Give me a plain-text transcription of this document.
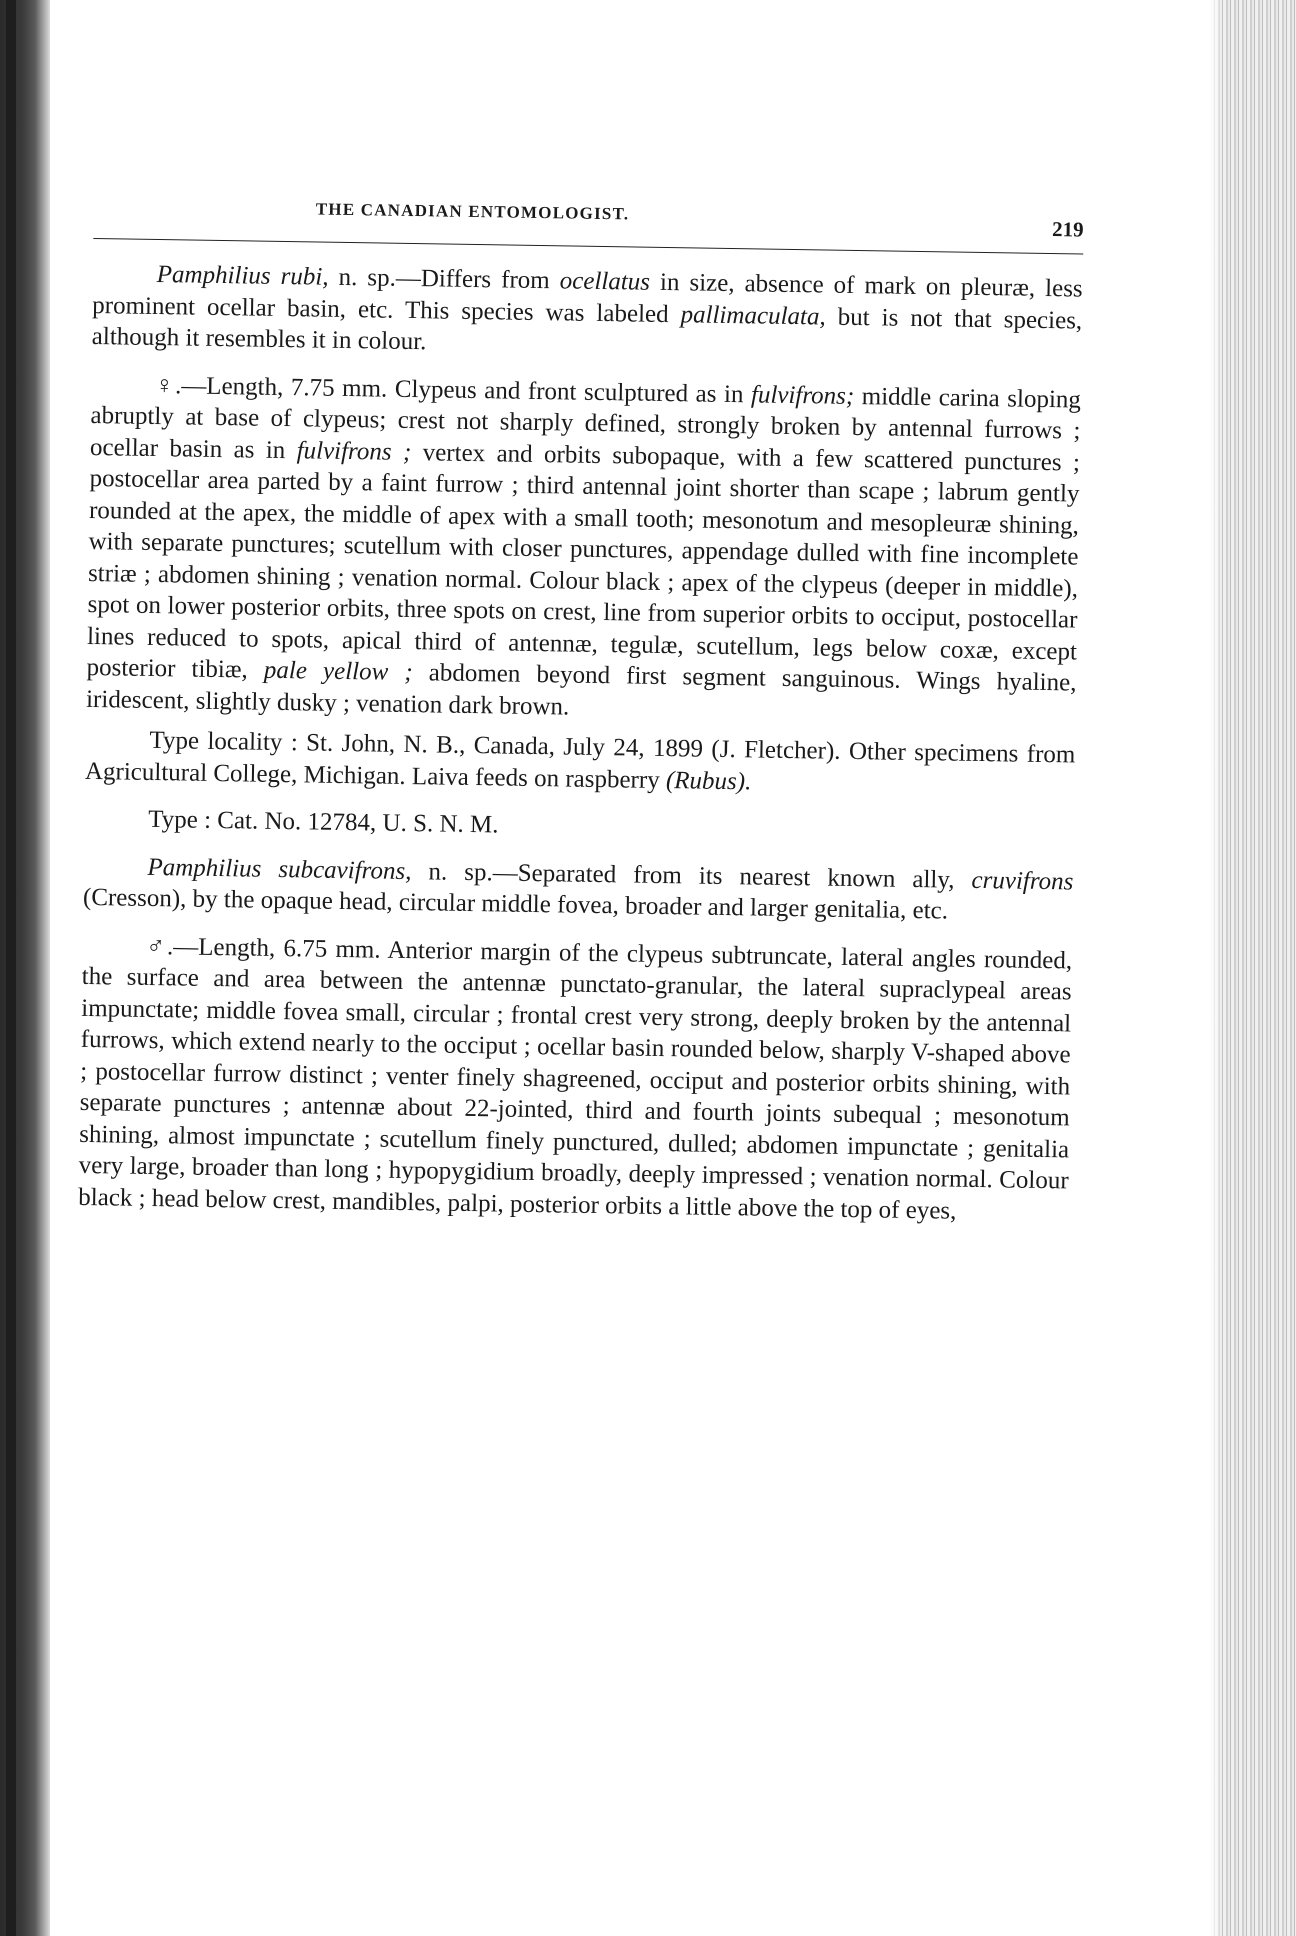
THE CANADIAN ENTOMOLOGIST.
219

Pamphilius rubi, n. sp.—Differs from ocellatus in size, absence of mark on pleuræ, less prominent ocellar basin, etc. This species was labeled pallimaculata, but is not that species, although it resembles it in colour.

♀.—Length, 7.75 mm. Clypeus and front sculptured as in fulvifrons; middle carina sloping abruptly at base of clypeus; crest not sharply defined, strongly broken by antennal furrows ; ocellar basin as in fulvifrons ; vertex and orbits subopaque, with a few scattered punctures ; postocellar area parted by a faint furrow ; third antennal joint shorter than scape ; labrum gently rounded at the apex, the middle of apex with a small tooth; mesonotum and mesopleuræ shining, with separate punctures; scutellum with closer punctures, appendage dulled with fine incomplete striæ ; abdomen shining ; venation normal. Colour black ; apex of the clypeus (deeper in middle), spot on lower posterior orbits, three spots on crest, line from superior orbits to occiput, postocellar lines reduced to spots, apical third of antennæ, tegulæ, scutellum, legs below coxæ, except posterior tibiæ, pale yellow ; abdomen beyond first segment sanguinous. Wings hyaline, iridescent, slightly dusky ; venation dark brown.

Type locality : St. John, N. B., Canada, July 24, 1899 (J. Fletcher). Other specimens from Agricultural College, Michigan. Laiva feeds on raspberry (Rubus).

Type : Cat. No. 12784, U. S. N. M.

Pamphilius subcavifrons, n. sp.—Separated from its nearest known ally, cruvifrons (Cresson), by the opaque head, circular middle fovea, broader and larger genitalia, etc.

♂.—Length, 6.75 mm. Anterior margin of the clypeus subtruncate, lateral angles rounded, the surface and area between the antennæ punctato-granular, the lateral supraclypeal areas impunctate; middle fovea small, circular ; frontal crest very strong, deeply broken by the antennal furrows, which extend nearly to the occiput ; ocellar basin rounded below, sharply V-shaped above ; postocellar furrow distinct ; venter finely shagreened, occiput and posterior orbits shining, with separate punctures ; antennæ about 22-jointed, third and fourth joints subequal ; mesonotum shining, almost impunctate ; scutellum finely punctured, dulled; abdomen impunctate ; genitalia very large, broader than long ; hypopygidium broadly, deeply impressed ; venation normal. Colour black ; head below crest, mandibles, palpi, posterior orbits a little above the top of eyes,
